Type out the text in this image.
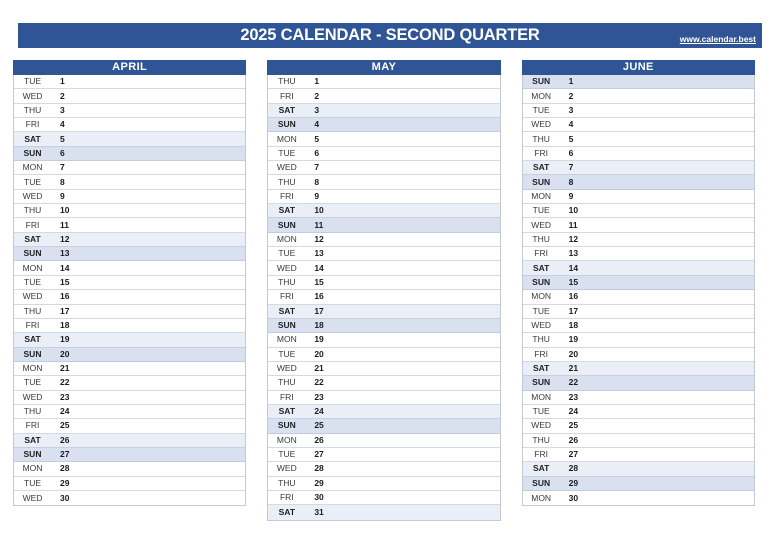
2025 CALENDAR - SECOND QUARTER	www.calendar.best
APRIL
TUE	1
WED	2
THU	3
FRI	4
SAT	5
SUN	6
MON	7
TUE	8
WED	9
THU	10
FRI	11
SAT	12
SUN	13
MON	14
TUE	15
WED	16
THU	17
FRI	18
SAT	19
SUN	20
MON	21
TUE	22
WED	23
THU	24
FRI	25
SAT	26
SUN	27
MON	28
TUE	29
WED	30
MAY
THU	1
FRI	2
SAT	3
SUN	4
MON	5
TUE	6
WED	7
THU	8
FRI	9
SAT	10
SUN	11
MON	12
TUE	13
WED	14
THU	15
FRI	16
SAT	17
SUN	18
MON	19
TUE	20
WED	21
THU	22
FRI	23
SAT	24
SUN	25
MON	26
TUE	27
WED	28
THU	29
FRI	30
SAT	31
JUNE
SUN	1
MON	2
TUE	3
WED	4
THU	5
FRI	6
SAT	7
SUN	8
MON	9
TUE	10
WED	11
THU	12
FRI	13
SAT	14
SUN	15
MON	16
TUE	17
WED	18
THU	19
FRI	20
SAT	21
SUN	22
MON	23
TUE	24
WED	25
THU	26
FRI	27
SAT	28
SUN	29
MON	30
